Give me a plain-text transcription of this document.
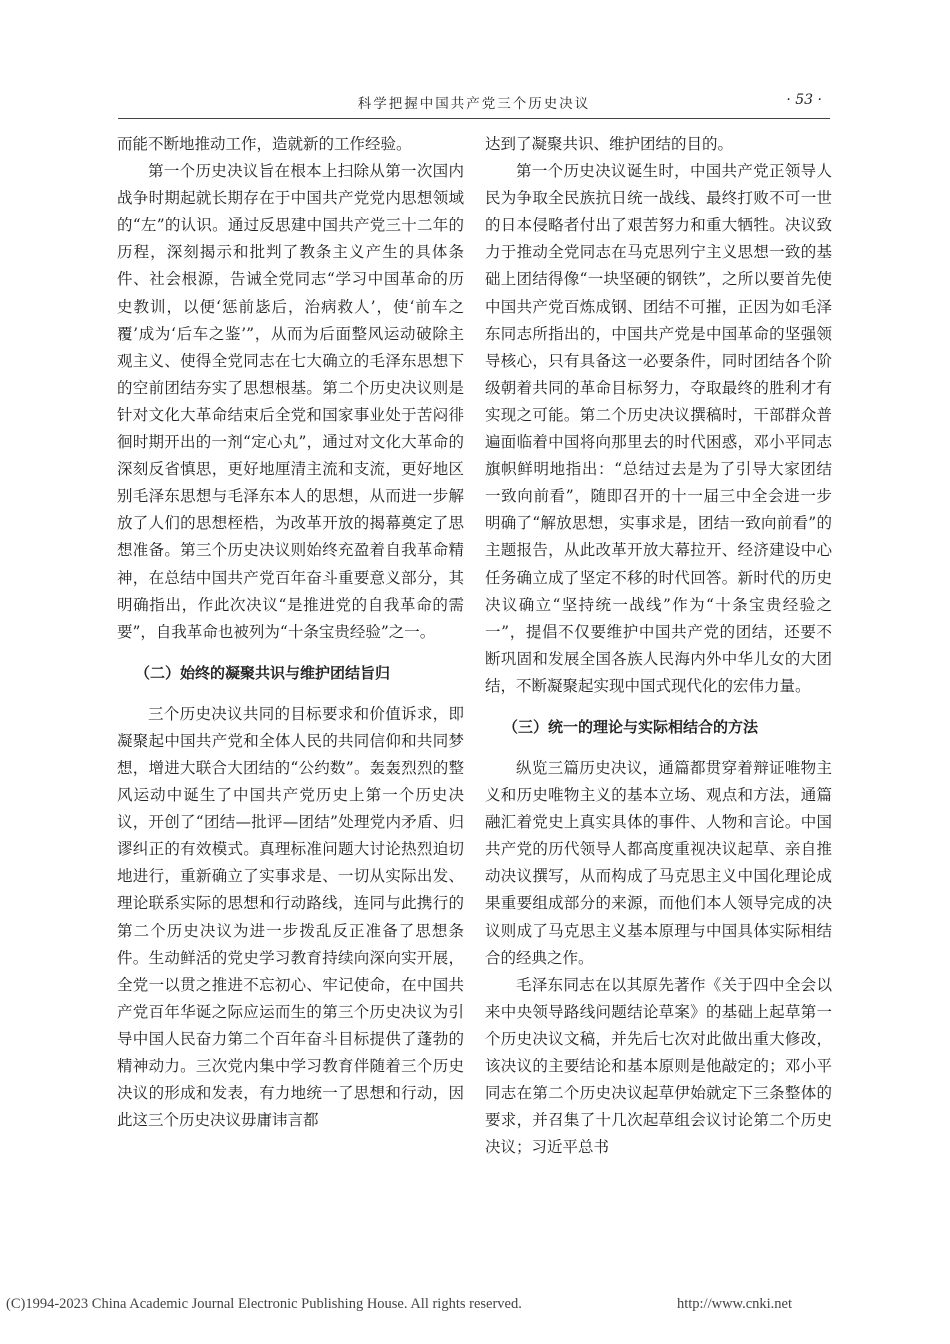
科学把握中国共产党三个历史决议	· 53 ·

而能不断地推动工作，造就新的工作经验。

第一个历史决议旨在根本上扫除从第一次国内战争时期起就长期存在于中国共产党党内思想领域的“左”的认识。通过反思建中国共产党三十二年的历程，深刻揭示和批判了教条主义产生的具体条件、社会根源，告诫全党同志“学习中国革命的历史教训，以便‘惩前毖后，治病救人’，使‘前车之覆’成为‘后车之鉴’”，从而为后面整风运动破除主观主义、使得全党同志在七大确立的毛泽东思想下的空前团结夯实了思想根基。第二个历史决议则是针对文化大革命结束后全党和国家事业处于苦闷徘徊时期开出的一剂“定心丸”，通过对文化大革命的深刻反省慎思，更好地厘清主流和支流，更好地区别毛泽东思想与毛泽东本人的思想，从而进一步解放了人们的思想桎梏，为改革开放的揭幕奠定了思想准备。第三个历史决议则始终充盈着自我革命精神，在总结中国共产党百年奋斗重要意义部分，其明确指出，作此次决议“是推进党的自我革命的需要”，自我革命也被列为“十条宝贵经验”之一。

（二）始终的凝聚共识与维护团结旨归

三个历史决议共同的目标要求和价值诉求，即凝聚起中国共产党和全体人民的共同信仰和共同梦想，增进大联合大团结的“公约数”。轰轰烈烈的整风运动中诞生了中国共产党历史上第一个历史决议，开创了“团结—批评—团结”处理党内矛盾、归谬纠正的有效模式。真理标准问题大讨论热烈迫切地进行，重新确立了实事求是、一切从实际出发、理论联系实际的思想和行动路线，连同与此携行的第二个历史决议为进一步拨乱反正准备了思想条件。生动鲜活的党史学习教育持续向深向实开展，全党一以贯之推进不忘初心、牢记使命，在中国共产党百年华诞之际应运而生的第三个历史决议为引导中国人民奋力第二个百年奋斗目标提供了蓬勃的精神动力。三次党内集中学习教育伴随着三个历史决议的形成和发表，有力地统一了思想和行动，因此这三个历史决议毋庸讳言都

达到了凝聚共识、维护团结的目的。

第一个历史决议诞生时，中国共产党正领导人民为争取全民族抗日统一战线、最终打败不可一世的日本侵略者付出了艰苦努力和重大牺牲。决议致力于推动全党同志在马克思列宁主义思想一致的基础上团结得像“一块坚硬的钢铁”，之所以要首先使中国共产党百炼成钢、团结不可摧，正因为如毛泽东同志所指出的，中国共产党是中国革命的坚强领导核心，只有具备这一必要条件，同时团结各个阶级朝着共同的革命目标努力，夺取最终的胜利才有实现之可能。第二个历史决议撰稿时，干部群众普遍面临着中国将向那里去的时代困惑，邓小平同志旗帜鲜明地指出：“总结过去是为了引导大家团结一致向前看”，随即召开的十一届三中全会进一步明确了“解放思想，实事求是，团结一致向前看”的主题报告，从此改革开放大幕拉开、经济建设中心任务确立成了坚定不移的时代回答。新时代的历史决议确立“坚持统一战线”作为“十条宝贵经验之一”，提倡不仅要维护中国共产党的团结，还要不断巩固和发展全国各族人民海内外中华儿女的大团结，不断凝聚起实现中国式现代化的宏伟力量。

（三）统一的理论与实际相结合的方法

纵览三篇历史决议，通篇都贯穿着辩证唯物主义和历史唯物主义的基本立场、观点和方法，通篇融汇着党史上真实具体的事件、人物和言论。中国共产党的历代领导人都高度重视决议起草、亲自推动决议撰写，从而构成了马克思主义中国化理论成果重要组成部分的来源，而他们本人领导完成的决议则成了马克思主义基本原理与中国具体实际相结合的经典之作。

毛泽东同志在以其原先著作《关于四中全会以来中央领导路线问题结论草案》的基础上起草第一个历史决议文稿，并先后七次对此做出重大修改，该决议的主要结论和基本原则是他敲定的；邓小平同志在第二个历史决议起草伊始就定下三条整体的要求，并召集了十几次起草组会议讨论第二个历史决议；习近平总书

(C)1994-2023 China Academic Journal Electronic Publishing House. All rights reserved.	http://www.cnki.net
